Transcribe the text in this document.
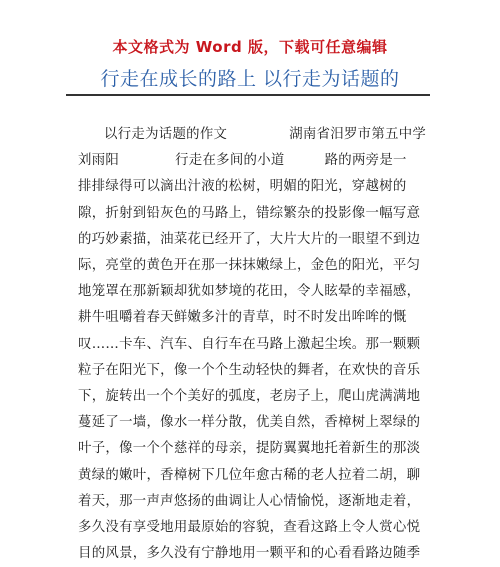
本文格式为 Word 版，下载可任意编辑
行走在成长的路上 以行走为话题的
以行走为话题的作文	湖南省汨罗市第五中学
刘雨阳	行走在多间的小道	路的两旁是一
排排绿得可以滴出汁液的松树，明媚的阳光，穿越树的
隙，折射到铅灰色的马路上，错综繁杂的投影像一幅写意
的巧妙素描，油菜花已经开了，大片大片的一眼望不到边
际，亮堂的黄色开在那一抹抹嫩绿上，金色的阳光，平匀
地笼罩在那新颖却犹如梦境的花田，令人眩晕的幸福感，
耕牛咀嚼着春天鲜嫩多汁的青草，时不时发出哞哞的慨
叹……卡车、汽车、自行车在马路上激起尘埃。那一颗颗
粒子在阳光下，像一个个生动轻快的舞者，在欢快的音乐
下，旋转出一个个美好的弧度，老房子上，爬山虎满满地
蔓延了一墙，像水一样分散，优美自然，香樟树上翠绿的
叶子，像一个个慈祥的母亲，提防翼翼地托着新生的那淡
黄绿的嫩叶，香樟树下几位年愈古稀的老人拉着二胡，聊
着天，那一声声悠扬的曲调让人心情愉悦，逐渐地走着，
多久没有享受地用最原始的容貌，查看这路上令人赏心悦
目的风景，多久没有宁静地用一颗平和的心看看路边随季
